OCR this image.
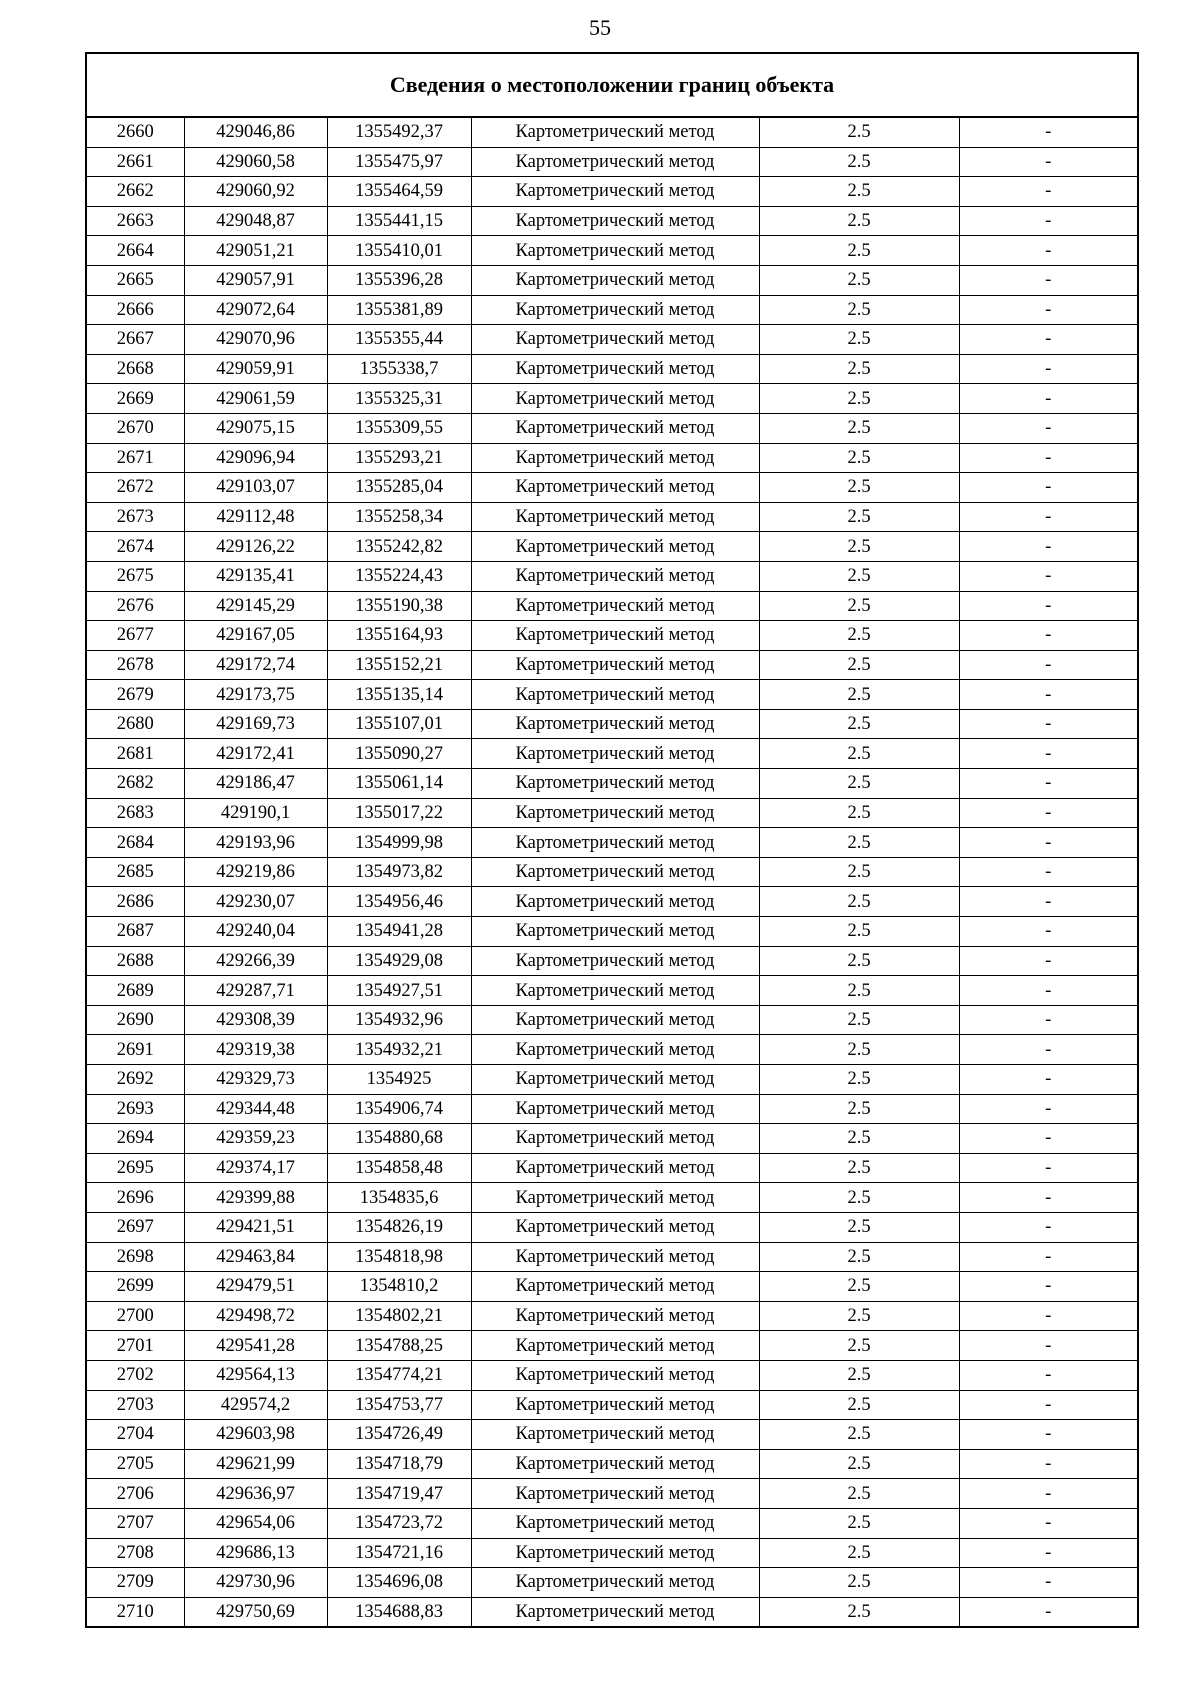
55
Сведения о местоположении границ объекта
2660	429046,86	1355492,37	Картометрический метод	2.5	-
2661	429060,58	1355475,97	Картометрический метод	2.5	-
2662	429060,92	1355464,59	Картометрический метод	2.5	-
2663	429048,87	1355441,15	Картометрический метод	2.5	-
2664	429051,21	1355410,01	Картометрический метод	2.5	-
2665	429057,91	1355396,28	Картометрический метод	2.5	-
2666	429072,64	1355381,89	Картометрический метод	2.5	-
2667	429070,96	1355355,44	Картометрический метод	2.5	-
2668	429059,91	1355338,7	Картометрический метод	2.5	-
2669	429061,59	1355325,31	Картометрический метод	2.5	-
2670	429075,15	1355309,55	Картометрический метод	2.5	-
2671	429096,94	1355293,21	Картометрический метод	2.5	-
2672	429103,07	1355285,04	Картометрический метод	2.5	-
2673	429112,48	1355258,34	Картометрический метод	2.5	-
2674	429126,22	1355242,82	Картометрический метод	2.5	-
2675	429135,41	1355224,43	Картометрический метод	2.5	-
2676	429145,29	1355190,38	Картометрический метод	2.5	-
2677	429167,05	1355164,93	Картометрический метод	2.5	-
2678	429172,74	1355152,21	Картометрический метод	2.5	-
2679	429173,75	1355135,14	Картометрический метод	2.5	-
2680	429169,73	1355107,01	Картометрический метод	2.5	-
2681	429172,41	1355090,27	Картометрический метод	2.5	-
2682	429186,47	1355061,14	Картометрический метод	2.5	-
2683	429190,1	1355017,22	Картометрический метод	2.5	-
2684	429193,96	1354999,98	Картометрический метод	2.5	-
2685	429219,86	1354973,82	Картометрический метод	2.5	-
2686	429230,07	1354956,46	Картометрический метод	2.5	-
2687	429240,04	1354941,28	Картометрический метод	2.5	-
2688	429266,39	1354929,08	Картометрический метод	2.5	-
2689	429287,71	1354927,51	Картометрический метод	2.5	-
2690	429308,39	1354932,96	Картометрический метод	2.5	-
2691	429319,38	1354932,21	Картометрический метод	2.5	-
2692	429329,73	1354925	Картометрический метод	2.5	-
2693	429344,48	1354906,74	Картометрический метод	2.5	-
2694	429359,23	1354880,68	Картометрический метод	2.5	-
2695	429374,17	1354858,48	Картометрический метод	2.5	-
2696	429399,88	1354835,6	Картометрический метод	2.5	-
2697	429421,51	1354826,19	Картометрический метод	2.5	-
2698	429463,84	1354818,98	Картометрический метод	2.5	-
2699	429479,51	1354810,2	Картометрический метод	2.5	-
2700	429498,72	1354802,21	Картометрический метод	2.5	-
2701	429541,28	1354788,25	Картометрический метод	2.5	-
2702	429564,13	1354774,21	Картометрический метод	2.5	-
2703	429574,2	1354753,77	Картометрический метод	2.5	-
2704	429603,98	1354726,49	Картометрический метод	2.5	-
2705	429621,99	1354718,79	Картометрический метод	2.5	-
2706	429636,97	1354719,47	Картометрический метод	2.5	-
2707	429654,06	1354723,72	Картометрический метод	2.5	-
2708	429686,13	1354721,16	Картометрический метод	2.5	-
2709	429730,96	1354696,08	Картометрический метод	2.5	-
2710	429750,69	1354688,83	Картометрический метод	2.5	-
